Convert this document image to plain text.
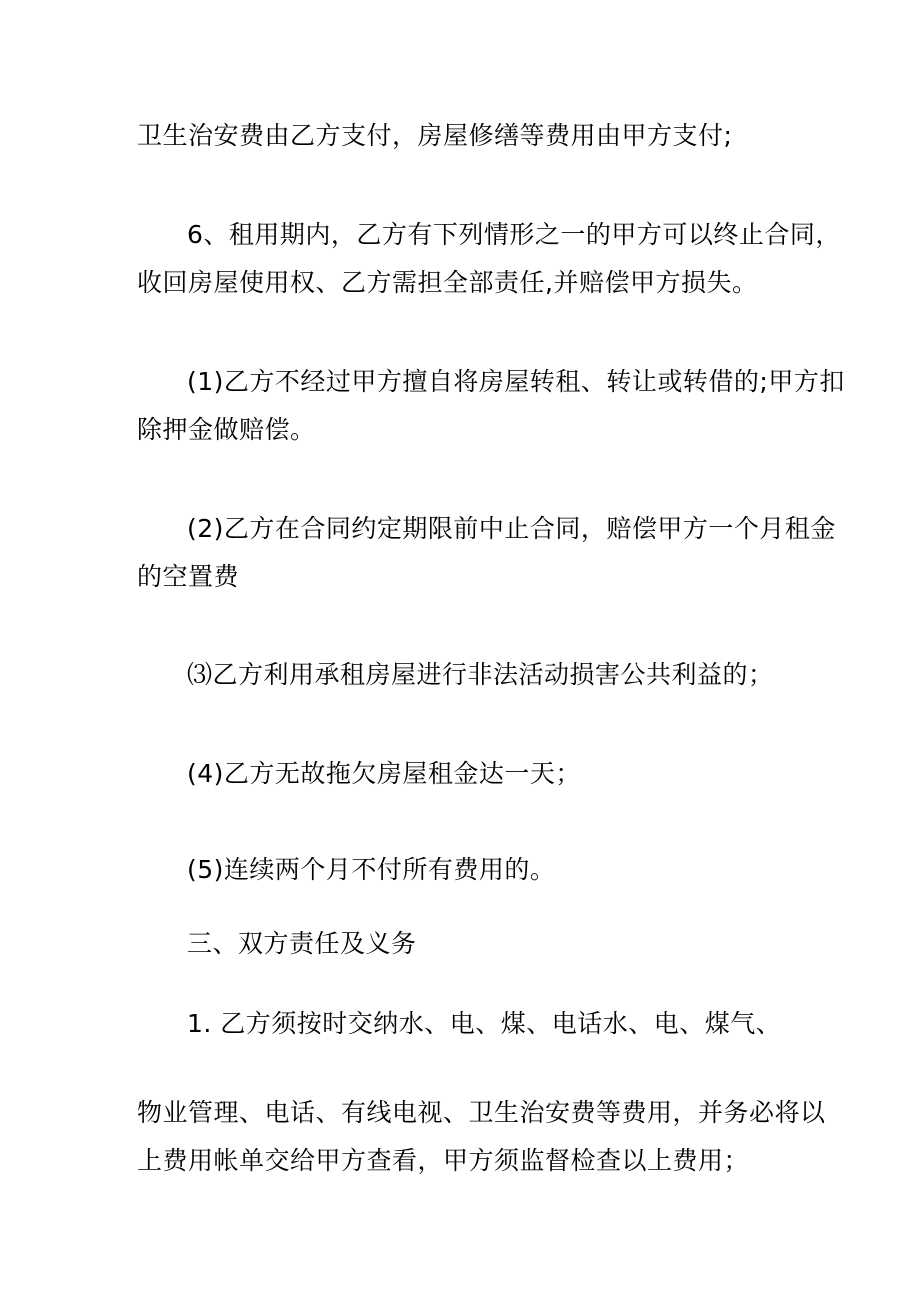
卫生治安费由乙方支付，房屋修缮等费用由甲方支付;
6、租用期内，乙方有下列情形之一的甲方可以终止合同，
收回房屋使用权、乙方需担全部责任,并赔偿甲方损失。
(1)乙方不经过甲方擅自将房屋转租、转让或转借的;甲方扣
除押金做赔偿。
(2)乙方在合同约定期限前中止合同，赔偿甲方一个月租金
的空置费
⑶乙方利用承租房屋进行非法活动损害公共利益的；
(4)乙方无故拖欠房屋租金达一天；
(5)连续两个月不付所有费用的。
三、双方责任及义务
1. 乙方须按时交纳水、电、煤、电话水、电、煤气、
物业管理、电话、有线电视、卫生治安费等费用，并务必将以
上费用帐单交给甲方查看，甲方须监督检查以上费用；
